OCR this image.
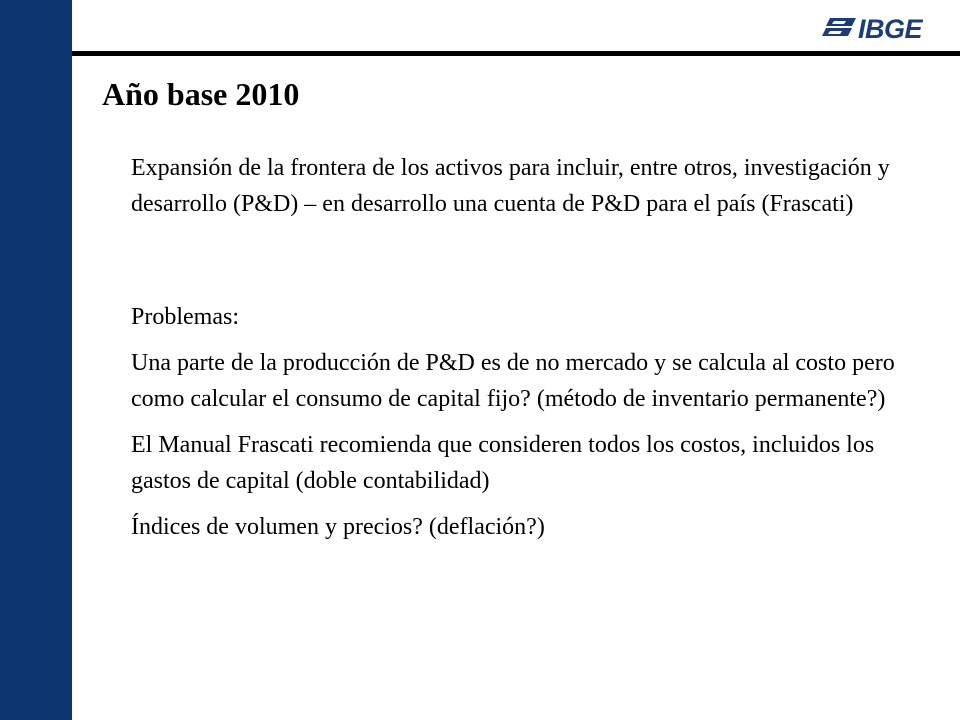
IBGE
Año base 2010

Expansión de la frontera de los activos para incluir, entre otros, investigación y desarrollo (P&D) – en desarrollo una cuenta de P&D para el país (Frascati)

Problemas:

Una parte de la producción de P&D es de no mercado y se calcula al costo pero como calcular el consumo de capital fijo? (método de inventario permanente?)

El Manual Frascati recomienda que consideren todos los costos, incluidos los gastos de capital (doble contabilidad)

Índices de volumen y precios? (deflación?)
